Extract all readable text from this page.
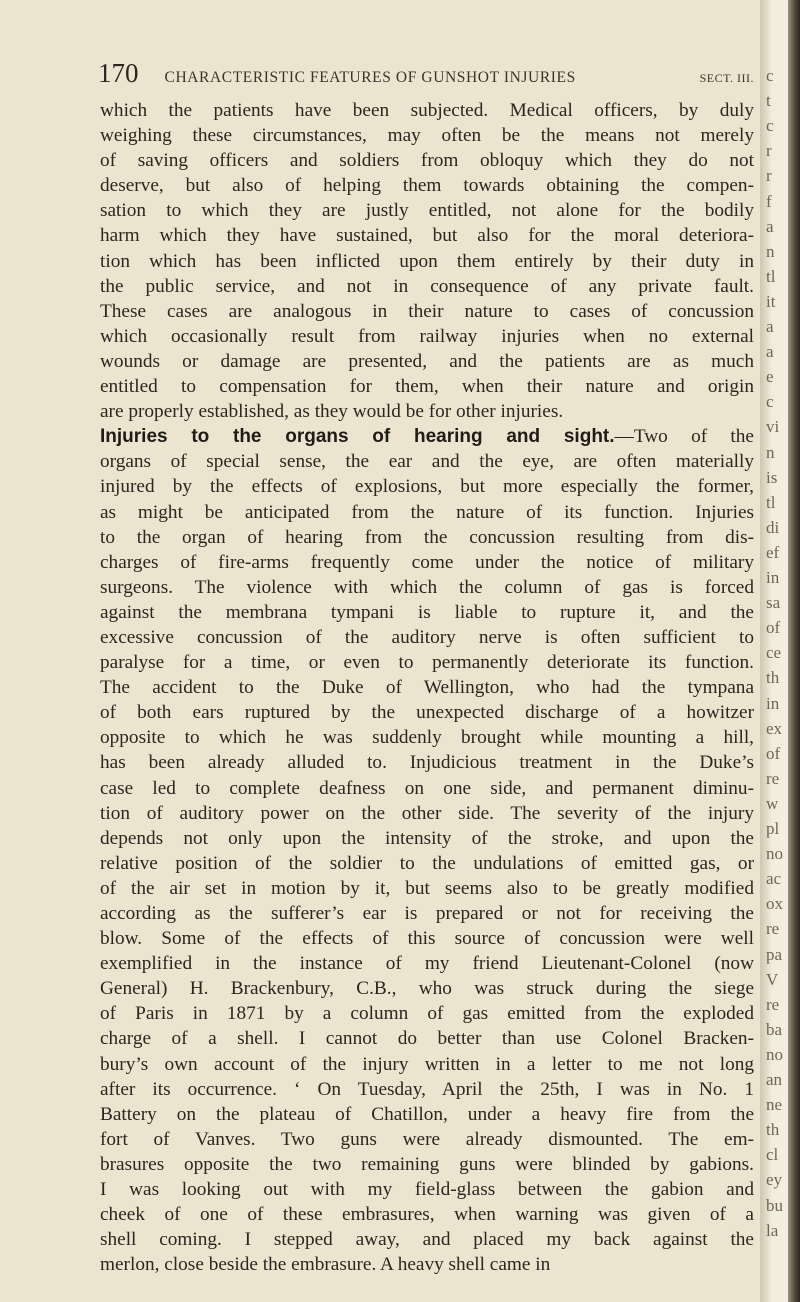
170 CHARACTERISTIC FEATURES OF GUNSHOT INJURIES	SECT. III.
which the patients have been subjected. Medical officers, by duly
weighing these circumstances, may often be the means not merely
of saving officers and soldiers from obloquy which they do not
deserve, but also of helping them towards obtaining the compen-
sation to which they are justly entitled, not alone for the bodily
harm which they have sustained, but also for the moral deteriora-
tion which has been inflicted upon them entirely by their duty in
the public service, and not in consequence of any private fault.
These cases are analogous in their nature to cases of concussion
which occasionally result from railway injuries when no external
wounds or damage are presented, and the patients are as much
entitled to compensation for them, when their nature and origin
are properly established, as they would be for other injuries.
Injuries to the organs of hearing and sight.—Two of the
organs of special sense, the ear and the eye, are often materially
injured by the effects of explosions, but more especially the former,
as might be anticipated from the nature of its function. Injuries
to the organ of hearing from the concussion resulting from dis-
charges of fire-arms frequently come under the notice of military
surgeons. The violence with which the column of gas is forced
against the membrana tympani is liable to rupture it, and the
excessive concussion of the auditory nerve is often sufficient to
paralyse for a time, or even to permanently deteriorate its function.
The accident to the Duke of Wellington, who had the tympana
of both ears ruptured by the unexpected discharge of a howitzer
opposite to which he was suddenly brought while mounting a hill,
has been already alluded to. Injudicious treatment in the Duke’s
case led to complete deafness on one side, and permanent diminu-
tion of auditory power on the other side. The severity of the injury
depends not only upon the intensity of the stroke, and upon the
relative position of the soldier to the undulations of emitted gas, or
of the air set in motion by it, but seems also to be greatly modified
according as the sufferer’s ear is prepared or not for receiving the
blow. Some of the effects of this source of concussion were well
exemplified in the instance of my friend Lieutenant-Colonel (now
General) H. Brackenbury, C.B., who was struck during the siege
of Paris in 1871 by a column of gas emitted from the exploded
charge of a shell. I cannot do better than use Colonel Bracken-
bury’s own account of the injury written in a letter to me not long
after its occurrence. ‘ On Tuesday, April the 25th, I was in No. 1
Battery on the plateau of Chatillon, under a heavy fire from the
fort of Vanves. Two guns were already dismounted. The em-
brasures opposite the two remaining guns were blinded by gabions.
I was looking out with my field-glass between the gabion and
cheek of one of these embrasures, when warning was given of a
shell coming. I stepped away, and placed my back against the
merlon, close beside the embrasure. A heavy shell came in
c
t
c
r
r
f
a
n
tl
it
a
a
e
c
vi
n
is
tl
di
ef
in
sa
of
ce
th
in
ex
of
re
w
pl
no
ac
ox
re
pa
V
re
ba
no
an
ne
th
cl
ey
bu
la
